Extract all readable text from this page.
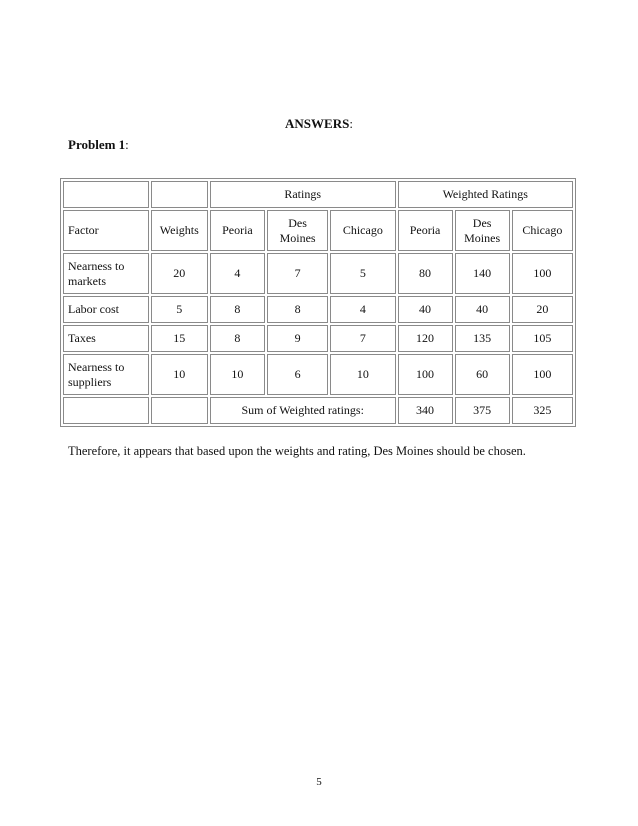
ANSWERS:
Problem 1:
		Ratings			Weighted Ratings		
Factor	Weights	Peoria	Des Moines	Chicago	Peoria	Des Moines	Chicago
Nearness to markets	20	4	7	5	80	140	100
Labor cost	5	8	8	4	40	40	20
Taxes	15	8	9	7	120	135	105
Nearness to suppliers	10	10	6	10	100	60	100
		Sum of Weighted ratings:			340	375	325
Therefore, it appears that based upon the weights and rating, Des Moines should be chosen.
5
